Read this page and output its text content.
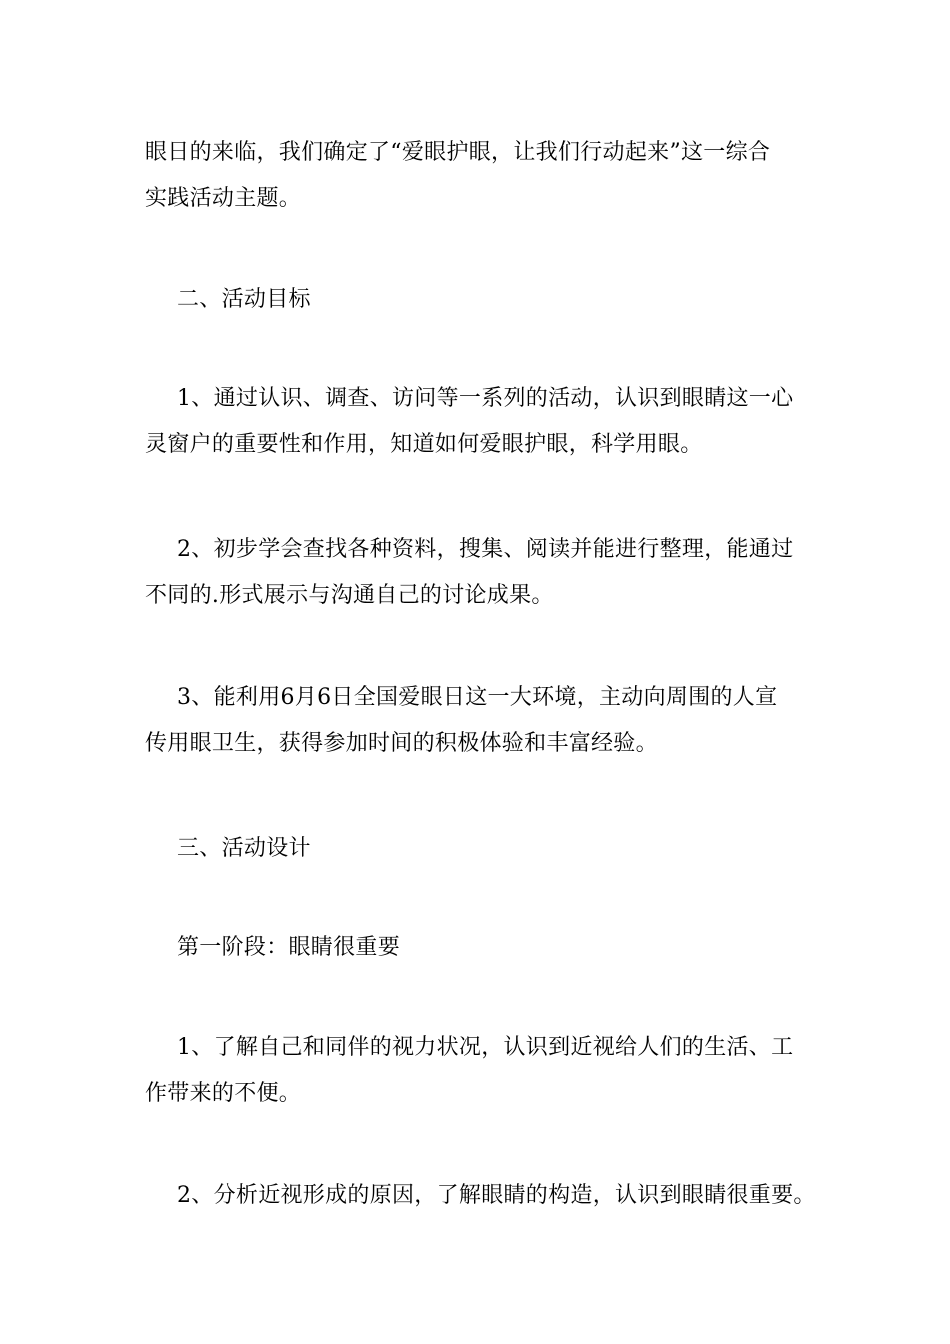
眼日的来临，我们确定了“爱眼护眼，让我们行动起来”这一综合
实践活动主题。

二、活动目标

1、通过认识、调查、访问等一系列的活动，认识到眼睛这一心
灵窗户的重要性和作用，知道如何爱眼护眼，科学用眼。

2、初步学会查找各种资料，搜集、阅读并能进行整理，能通过
不同的.形式展示与沟通自己的讨论成果。

3、能利用6月6日全国爱眼日这一大环境，主动向周围的人宣
传用眼卫生，获得参加时间的积极体验和丰富经验。

三、活动设计

第一阶段：眼睛很重要

1、了解自己和同伴的视力状况，认识到近视给人们的生活、工
作带来的不便。

2、分析近视形成的原因，了解眼睛的构造，认识到眼睛很重要。
